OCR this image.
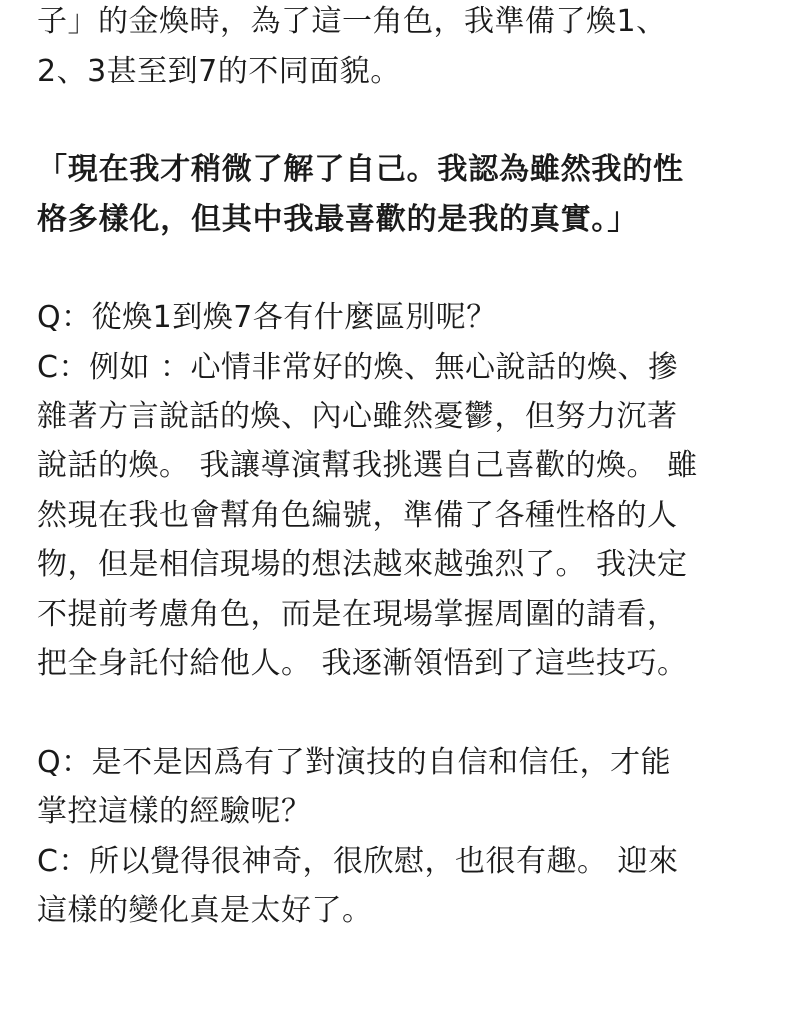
子」的金煥時，為了這一角色，我準備了煥1、

2、3甚至到7的不同面貌。

「現在我才稍微了解了自己。我認為雖然我的性

格多樣化，但其中我最喜歡的是我的真實。」

Q：從煥1到煥7各有什麼區別呢？

C：例如 ：心情非常好的煥、無心說話的煥、摻

雜著方言說話的煥、內心雖然憂鬱，但努力沉著

說話的煥。 我讓導演幫我挑選自己喜歡的煥。 雖

然現在我也會幫角色編號，準備了各種性格的人

物，但是相信現場的想法越來越強烈了。 我決定

不提前考慮角色，而是在現場掌握周圍的請看，

把全身託付給他人。 我逐漸領悟到了這些技巧。

Q：是不是因爲有了對演技的自信和信任，才能

掌控這樣的經驗呢？

C：所以覺得很神奇，很欣慰，也很有趣。 迎來

這樣的變化真是太好了。
